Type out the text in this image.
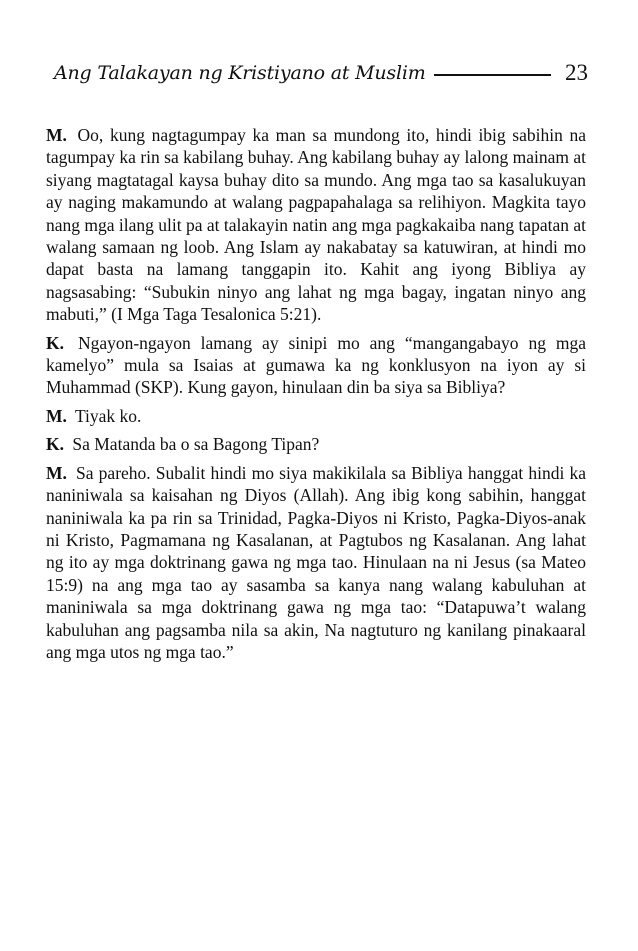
Ang Talakayan ng Kristiyano at Muslim	23

M. Oo, kung nagtagumpay ka man sa mundong ito, hindi ibig sabihin na tagumpay ka rin sa kabilang buhay. Ang kabilang buhay ay lalong mainam at siyang magtatagal kaysa buhay dito sa mundo. Ang mga tao sa kasalukuyan ay naging makamundo at walang pagpapahalaga sa relihiyon. Magkita tayo nang mga ilang ulit pa at talakayin natin ang mga pagkakaiba nang tapatan at walang samaan ng loob. Ang Islam ay nakabatay sa katuwiran, at hindi mo dapat basta na lamang tanggapin ito. Kahit ang iyong Bibliya ay nagsasabing: “Subukin ninyo ang lahat ng mga bagay, ingatan ninyo ang mabuti,” (I Mga Taga Tesalonica 5:21).

K. Ngayon-ngayon lamang ay sinipi mo ang “mangangabayo ng mga kamelyo” mula sa Isaias at gumawa ka ng konklusyon na iyon ay si Muhammad (SKP). Kung gayon, hinulaan din ba siya sa Bibliya?

M. Tiyak ko.

K. Sa Matanda ba o sa Bagong Tipan?

M. Sa pareho. Subalit hindi mo siya makikilala sa Bibliya hanggat hindi ka naniniwala sa kaisahan ng Diyos (Allah). Ang ibig kong sabihin, hanggat naniniwala ka pa rin sa Trinidad, Pagka-Diyos ni Kristo, Pagka-Diyos-anak ni Kristo, Pagmamana ng Kasalanan, at Pagtubos ng Kasalanan. Ang lahat ng ito ay mga doktrinang gawa ng mga tao. Hinulaan na ni Jesus (sa Mateo 15:9) na ang mga tao ay sasamba sa kanya nang walang kabuluhan at maniniwala sa mga doktrinang gawa ng mga tao: “Datapuwa’t walang kabuluhan ang pagsamba nila sa akin, Na nagtuturo ng kanilang pinakaaral ang mga utos ng mga tao.”
